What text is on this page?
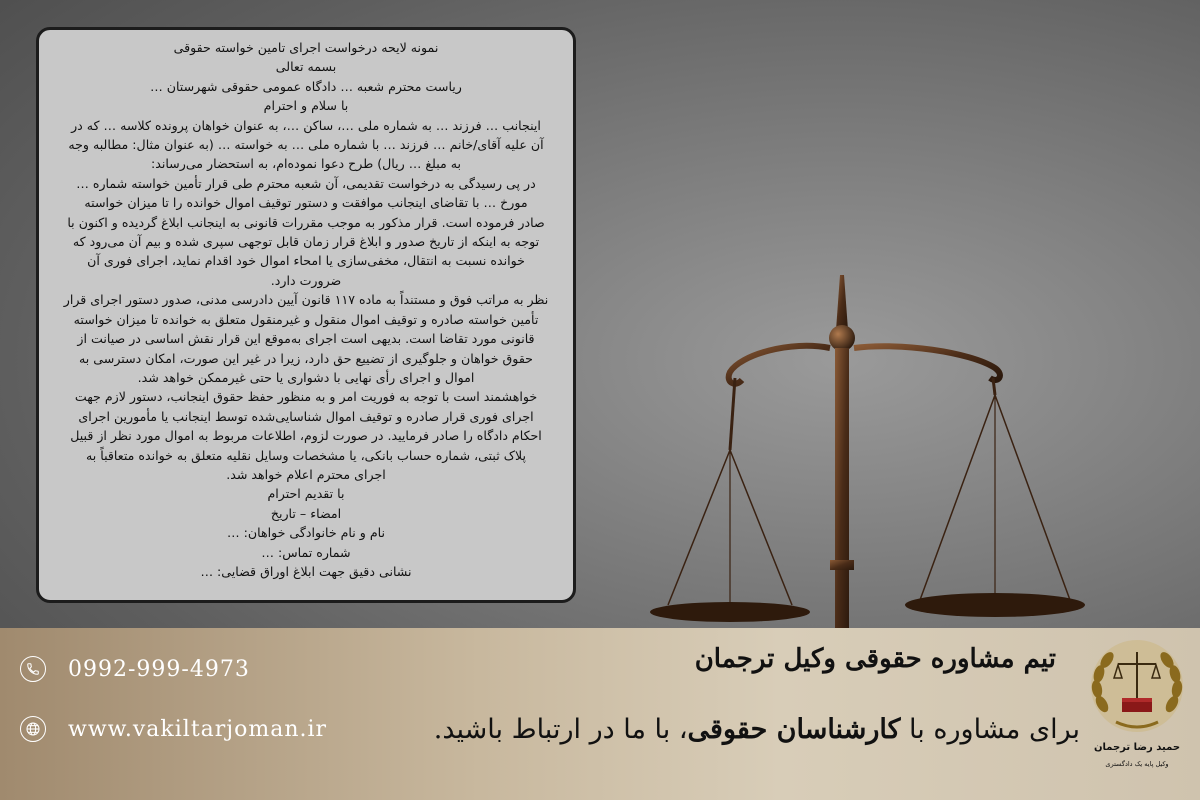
نمونه لایحه درخواست اجرای تامین خواسته حقوقی

بسمه تعالی

ریاست محترم شعبه … دادگاه عمومی حقوقی شهرستان …

با سلام و احترام

اینجانب … فرزند … به شماره ملی …، ساکن …، به عنوان خواهان پرونده کلاسه … که در

آن علیه آقای/خانم … فرزند … با شماره ملی … به خواسته … (به عنوان مثال: مطالبه وجه

به مبلغ … ریال) طرح دعوا نموده‌ام، به استحضار می‌رساند:

در پی رسیدگی به درخواست تقدیمی، آن شعبه محترم طی قرار تأمین خواسته شماره …

مورخ … با تقاضای اینجانب موافقت و دستور توقیف اموال خوانده را تا میزان خواسته

صادر فرموده است. قرار مذکور به موجب مقررات قانونی به اینجانب ابلاغ گردیده و اکنون با

توجه به اینکه از تاریخ صدور و ابلاغ قرار زمان قابل توجهی سپری شده و بیم آن می‌رود که

خوانده نسبت به انتقال، مخفی‌سازی یا امحاء اموال خود اقدام نماید، اجرای فوری آن

ضرورت دارد.

نظر به مراتب فوق و مستنداً به ماده ۱۱۷ قانون آیین دادرسی مدنی، صدور دستور اجرای قرار

تأمین خواسته صادره و توقیف اموال منقول و غیرمنقول متعلق به خوانده تا میزان خواسته

قانونی مورد تقاضا است. بدیهی است اجرای به‌موقع این قرار نقش اساسی در صیانت از

حقوق خواهان و جلوگیری از تضییع حق دارد، زیرا در غیر این صورت، امکان دسترسی به

اموال و اجرای رأی نهایی با دشواری یا حتی غیرممکن خواهد شد.

خواهشمند است با توجه به فوریت امر و به منظور حفظ حقوق اینجانب، دستور لازم جهت

اجرای فوری قرار صادره و توقیف اموال شناسایی‌شده توسط اینجانب یا مأمورین اجرای

احکام دادگاه را صادر فرمایید. در صورت لزوم، اطلاعات مربوط به اموال مورد نظر از قبیل

پلاک ثبتی، شماره حساب بانکی، یا مشخصات وسایل نقلیه متعلق به خوانده متعاقباً به

اجرای محترم اعلام خواهد شد.

با تقدیم احترام

امضاء – تاریخ

نام و نام خانوادگی خواهان: …

شماره تماس: …

نشانی دقیق جهت ابلاغ اوراق قضایی: …

0992-999-4973
www.vakiltarjoman.ir
تیم مشاوره حقوقی وکیل ترجمان
برای مشاوره با کارشناسان حقوقی، با ما در ارتباط باشید.
حمید رضا ترجمان
وکیل پایه یک دادگستری
